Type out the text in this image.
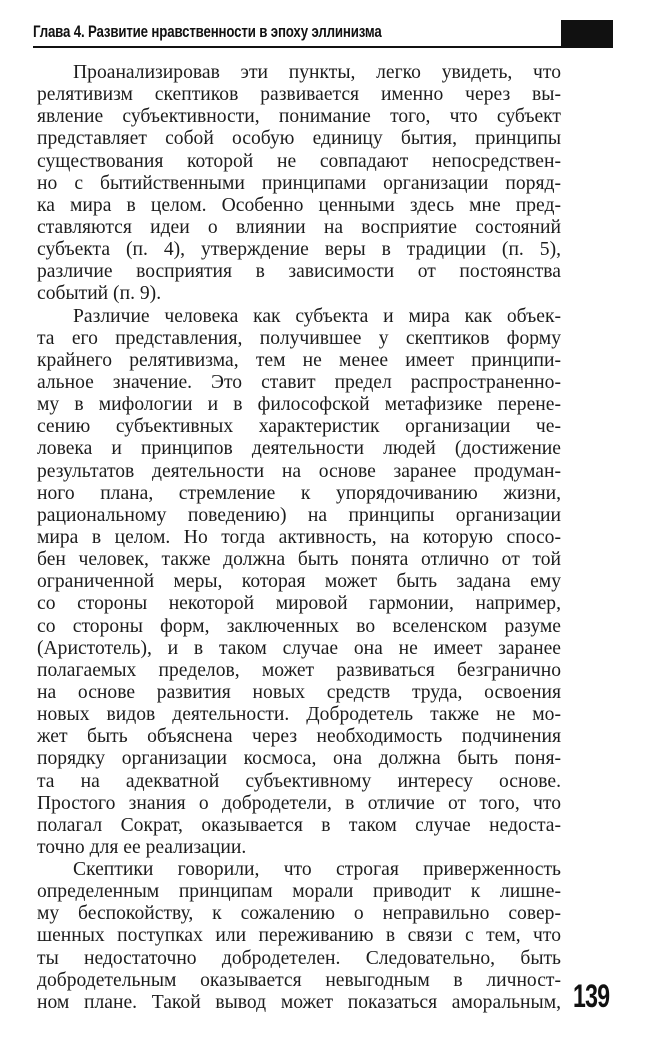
Глава 4. Развитие нравственности в эпоху эллинизма
Проанализировав эти пункты, легко увидеть, что
релятивизм скептиков развивается именно через вы-
явление субъективности, понимание того, что субъект
представляет собой особую единицу бытия, принципы
существования которой не совпадают непосредствен-
но с бытийственными принципами организации поряд-
ка мира в целом. Особенно ценными здесь мне пред-
ставляются идеи о влиянии на восприятие состояний
субъекта (п. 4), утверждение веры в традиции (п. 5),
различие восприятия в зависимости от постоянства
событий (п. 9).
Различие человека как субъекта и мира как объек-
та его представления, получившее у скептиков форму
крайнего релятивизма, тем не менее имеет принципи-
альное значение. Это ставит предел распространенно-
му в мифологии и в философской метафизике перене-
сению субъективных характеристик организации че-
ловека и принципов деятельности людей (достижение
результатов деятельности на основе заранее продуман-
ного плана, стремление к упорядочиванию жизни,
рациональному поведению) на принципы организации
мира в целом. Но тогда активность, на которую спосо-
бен человек, также должна быть понята отлично от той
ограниченной меры, которая может быть задана ему
со стороны некоторой мировой гармонии, например,
со стороны форм, заключенных во вселенском разуме
(Аристотель), и в таком случае она не имеет заранее
полагаемых пределов, может развиваться безгранично
на основе развития новых средств труда, освоения
новых видов деятельности. Добродетель также не мо-
жет быть объяснена через необходимость подчинения
порядку организации космоса, она должна быть поня-
та на адекватной субъективному интересу основе.
Простого знания о добродетели, в отличие от того, что
полагал Сократ, оказывается в таком случае недоста-
точно для ее реализации.
Скептики говорили, что строгая приверженность
определенным принципам морали приводит к лишне-
му беспокойству, к сожалению о неправильно совер-
шенных поступках или переживанию в связи с тем, что
ты недостаточно добродетелен. Следовательно, быть
добродетельным оказывается невыгодным в личност-
ном плане. Такой вывод может показаться аморальным, 139
